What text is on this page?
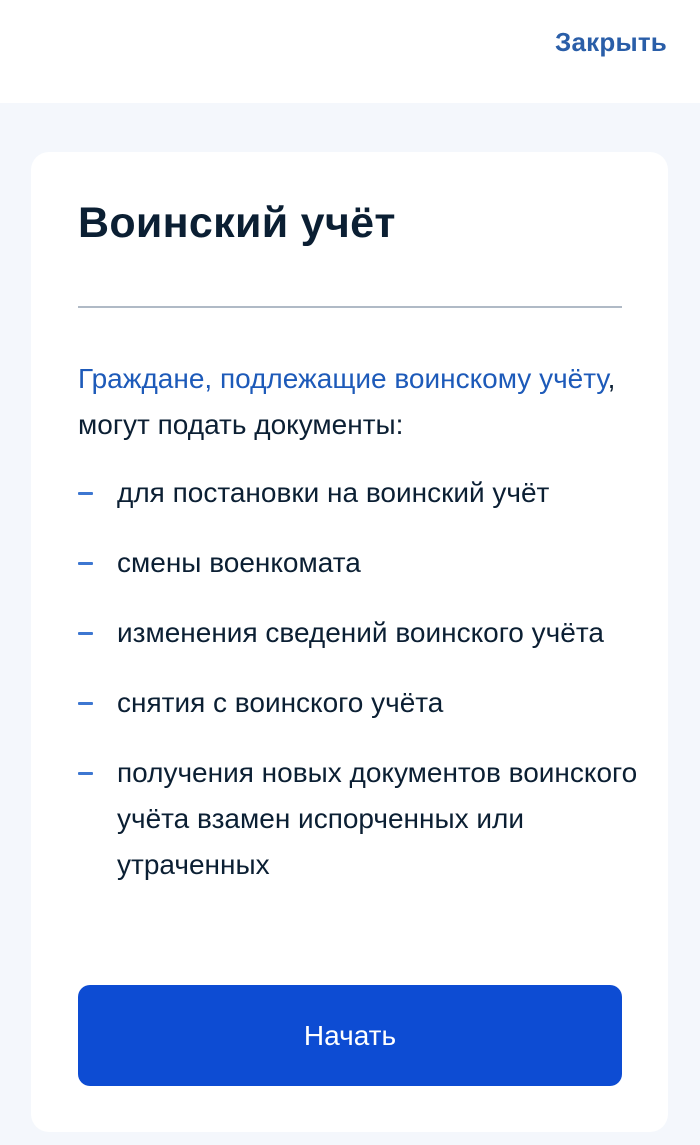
Закрыть
Воинский учёт

Граждане, подлежащие воинскому учёту, могут подать документы:

для постановки на воинский учёт
смены военкомата
изменения сведений воинского учёта
снятия с воинского учёта
получения новых документов воинского учёта взамен испорченных или утраченных
Начать
